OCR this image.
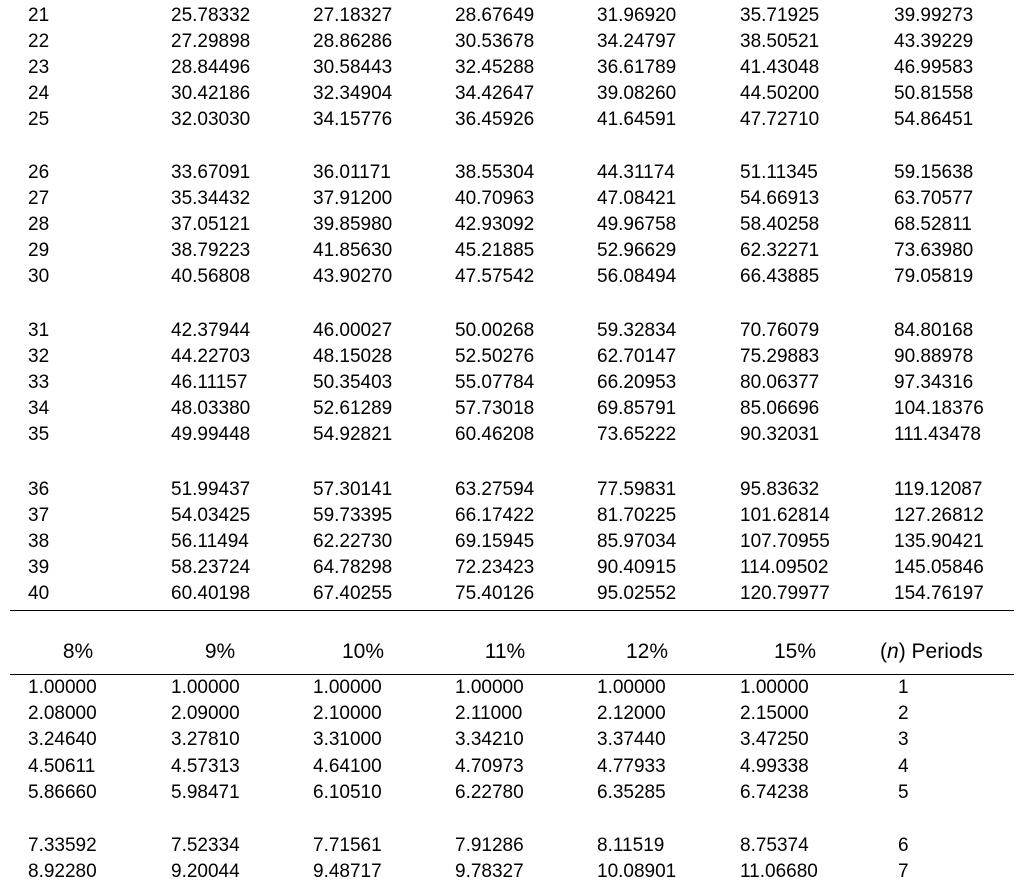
21	25.78332	27.18327	28.67649	31.96920	35.71925	39.99273
22	27.29898	28.86286	30.53678	34.24797	38.50521	43.39229
23	28.84496	30.58443	32.45288	36.61789	41.43048	46.99583
24	30.42186	32.34904	34.42647	39.08260	44.50200	50.81558
25	32.03030	34.15776	36.45926	41.64591	47.72710	54.86451
26	33.67091	36.01171	38.55304	44.31174	51.11345	59.15638
27	35.34432	37.91200	40.70963	47.08421	54.66913	63.70577
28	37.05121	39.85980	42.93092	49.96758	58.40258	68.52811
29	38.79223	41.85630	45.21885	52.96629	62.32271	73.63980
30	40.56808	43.90270	47.57542	56.08494	66.43885	79.05819
31	42.37944	46.00027	50.00268	59.32834	70.76079	84.80168
32	44.22703	48.15028	52.50276	62.70147	75.29883	90.88978
33	46.11157	50.35403	55.07784	66.20953	80.06377	97.34316
34	48.03380	52.61289	57.73018	69.85791	85.06696	104.18376
35	49.99448	54.92821	60.46208	73.65222	90.32031	111.43478
36	51.99437	57.30141	63.27594	77.59831	95.83632	119.12087
37	54.03425	59.73395	66.17422	81.70225	101.62814	127.26812
38	56.11494	62.22730	69.15945	85.97034	107.70955	135.90421
39	58.23724	64.78298	72.23423	90.40915	114.09502	145.05846
40	60.40198	67.40255	75.40126	95.02552	120.79977	154.76197
8%	9%	10%	11%	12%	15%	(n) Periods
1.00000	1.00000	1.00000	1.00000	1.00000	1.00000	1
2.08000	2.09000	2.10000	2.11000	2.12000	2.15000	2
3.24640	3.27810	3.31000	3.34210	3.37440	3.47250	3
4.50611	4.57313	4.64100	4.70973	4.77933	4.99338	4
5.86660	5.98471	6.10510	6.22780	6.35285	6.74238	5
7.33592	7.52334	7.71561	7.91286	8.11519	8.75374	6
8.92280	9.20044	9.48717	9.78327	10.08901	11.06680	7
